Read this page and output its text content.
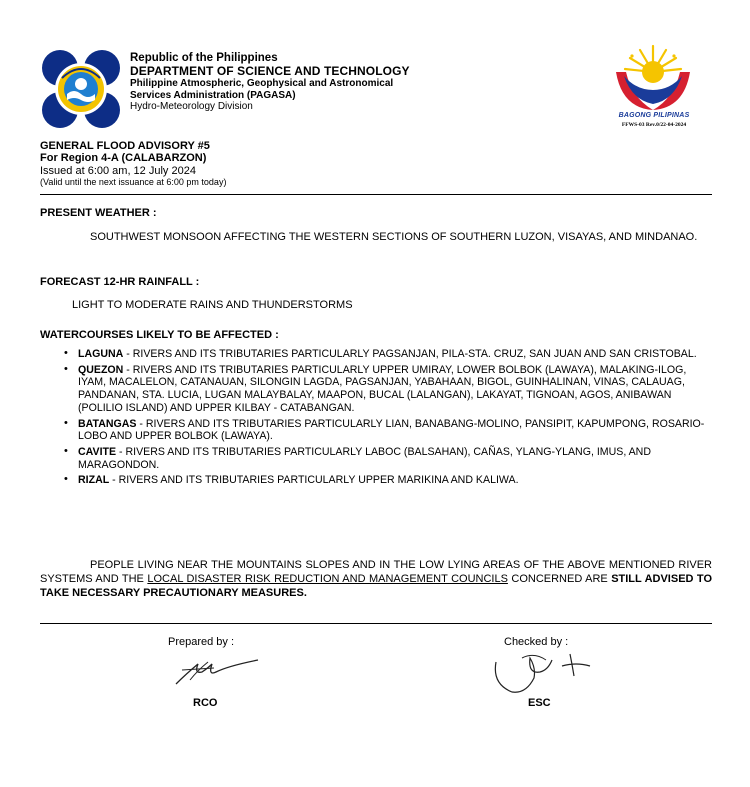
Republic of the Philippines
DEPARTMENT OF SCIENCE AND TECHNOLOGY
Philippine Atmospheric, Geophysical and Astronomical
Services Administration (PAGASA)
Hydro-Meteorology Division
BAGONG PILIPINAS
FFWS-03 Rev.0/22-04-2024
GENERAL FLOOD ADVISORY #5
For Region 4-A (CALABARZON)
Issued at 6:00 am, 12 July 2024
(Valid until the next issuance at 6:00 pm today)
PRESENT WEATHER :
SOUTHWEST MONSOON AFFECTING THE WESTERN SECTIONS OF SOUTHERN LUZON, VISAYAS, AND MINDANAO.
FORECAST 12-HR RAINFALL :
LIGHT TO MODERATE RAINS AND THUNDERSTORMS
WATERCOURSES LIKELY TO BE AFFECTED :
• LAGUNA - RIVERS AND ITS TRIBUTARIES PARTICULARLY PAGSANJAN, PILA-STA. CRUZ, SAN JUAN AND SAN CRISTOBAL.
• QUEZON - RIVERS AND ITS TRIBUTARIES PARTICULARLY UPPER UMIRAY, LOWER BOLBOK (LAWAYA), MALAKING-ILOG, IYAM, MACALELON, CATANAUAN, SILONGIN LAGDA, PAGSANJAN, YABAHAAN, BIGOL, GUINHALINAN, VINAS, CALAUAG, PANDANAN, STA. LUCIA, LUGAN MALAYBALAY, MAAPON, BUCAL (LALANGAN), LAKAYAT, TIGNOAN, AGOS, ANIBAWAN (POLILIO ISLAND) AND UPPER KILBAY - CATABANGAN.
• BATANGAS - RIVERS AND ITS TRIBUTARIES PARTICULARLY LIAN, BANABANG-MOLINO, PANSIPIT, KAPUMPONG, ROSARIO-LOBO AND UPPER BOLBOK (LAWAYA).
• CAVITE - RIVERS AND ITS TRIBUTARIES PARTICULARLY LABOC (BALSAHAN), CAÑAS, YLANG-YLANG, IMUS, AND MARAGONDON.
• RIZAL - RIVERS AND ITS TRIBUTARIES PARTICULARLY UPPER MARIKINA AND KALIWA.
PEOPLE LIVING NEAR THE MOUNTAINS SLOPES AND IN THE LOW LYING AREAS OF THE ABOVE MENTIONED RIVER SYSTEMS AND THE LOCAL DISASTER RISK REDUCTION AND MANAGEMENT COUNCILS CONCERNED ARE STILL ADVISED TO TAKE NECESSARY PRECAUTIONARY MEASURES.
Prepared by :
RCO
Checked by :
ESC
